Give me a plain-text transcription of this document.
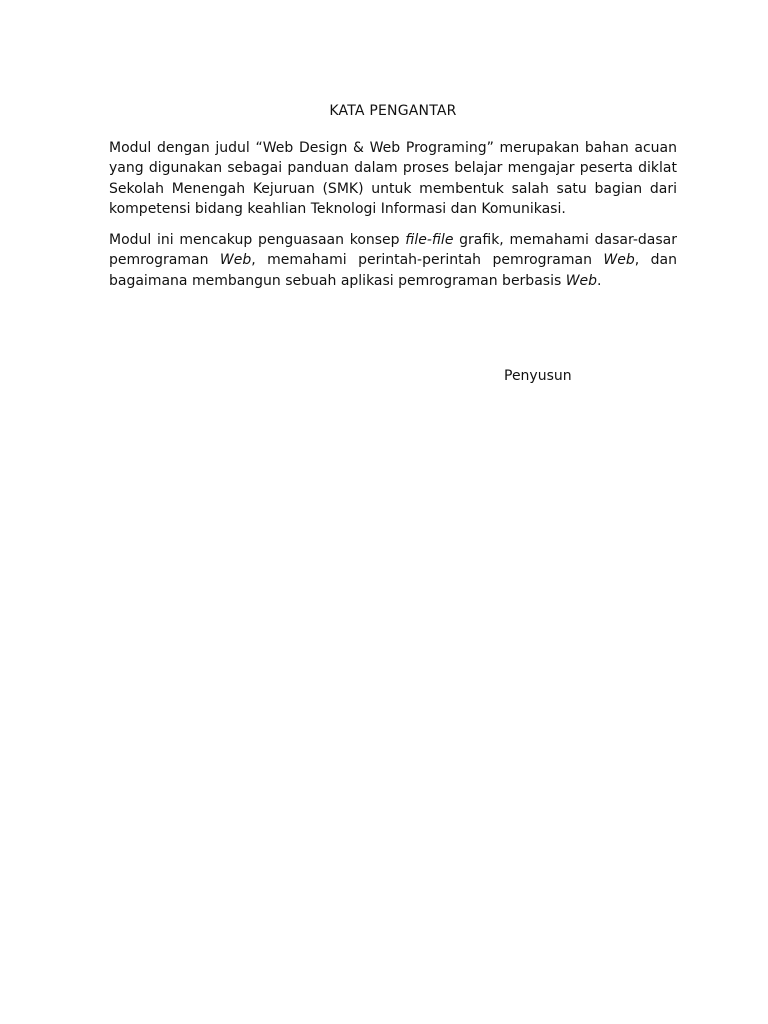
KATA PENGANTAR

Modul dengan judul “Web Design & Web Programing” merupakan bahan acuan yang digunakan sebagai panduan dalam proses belajar mengajar peserta diklat Sekolah Menengah Kejuruan (SMK) untuk membentuk salah satu bagian dari kompetensi bidang keahlian Teknologi Informasi dan Komunikasi.

Modul ini mencakup penguasaan konsep file-file grafik, memahami dasar-dasar pemrograman Web, memahami perintah-perintah pemrograman Web, dan bagaimana membangun sebuah aplikasi pemrograman berbasis Web.

Penyusun
